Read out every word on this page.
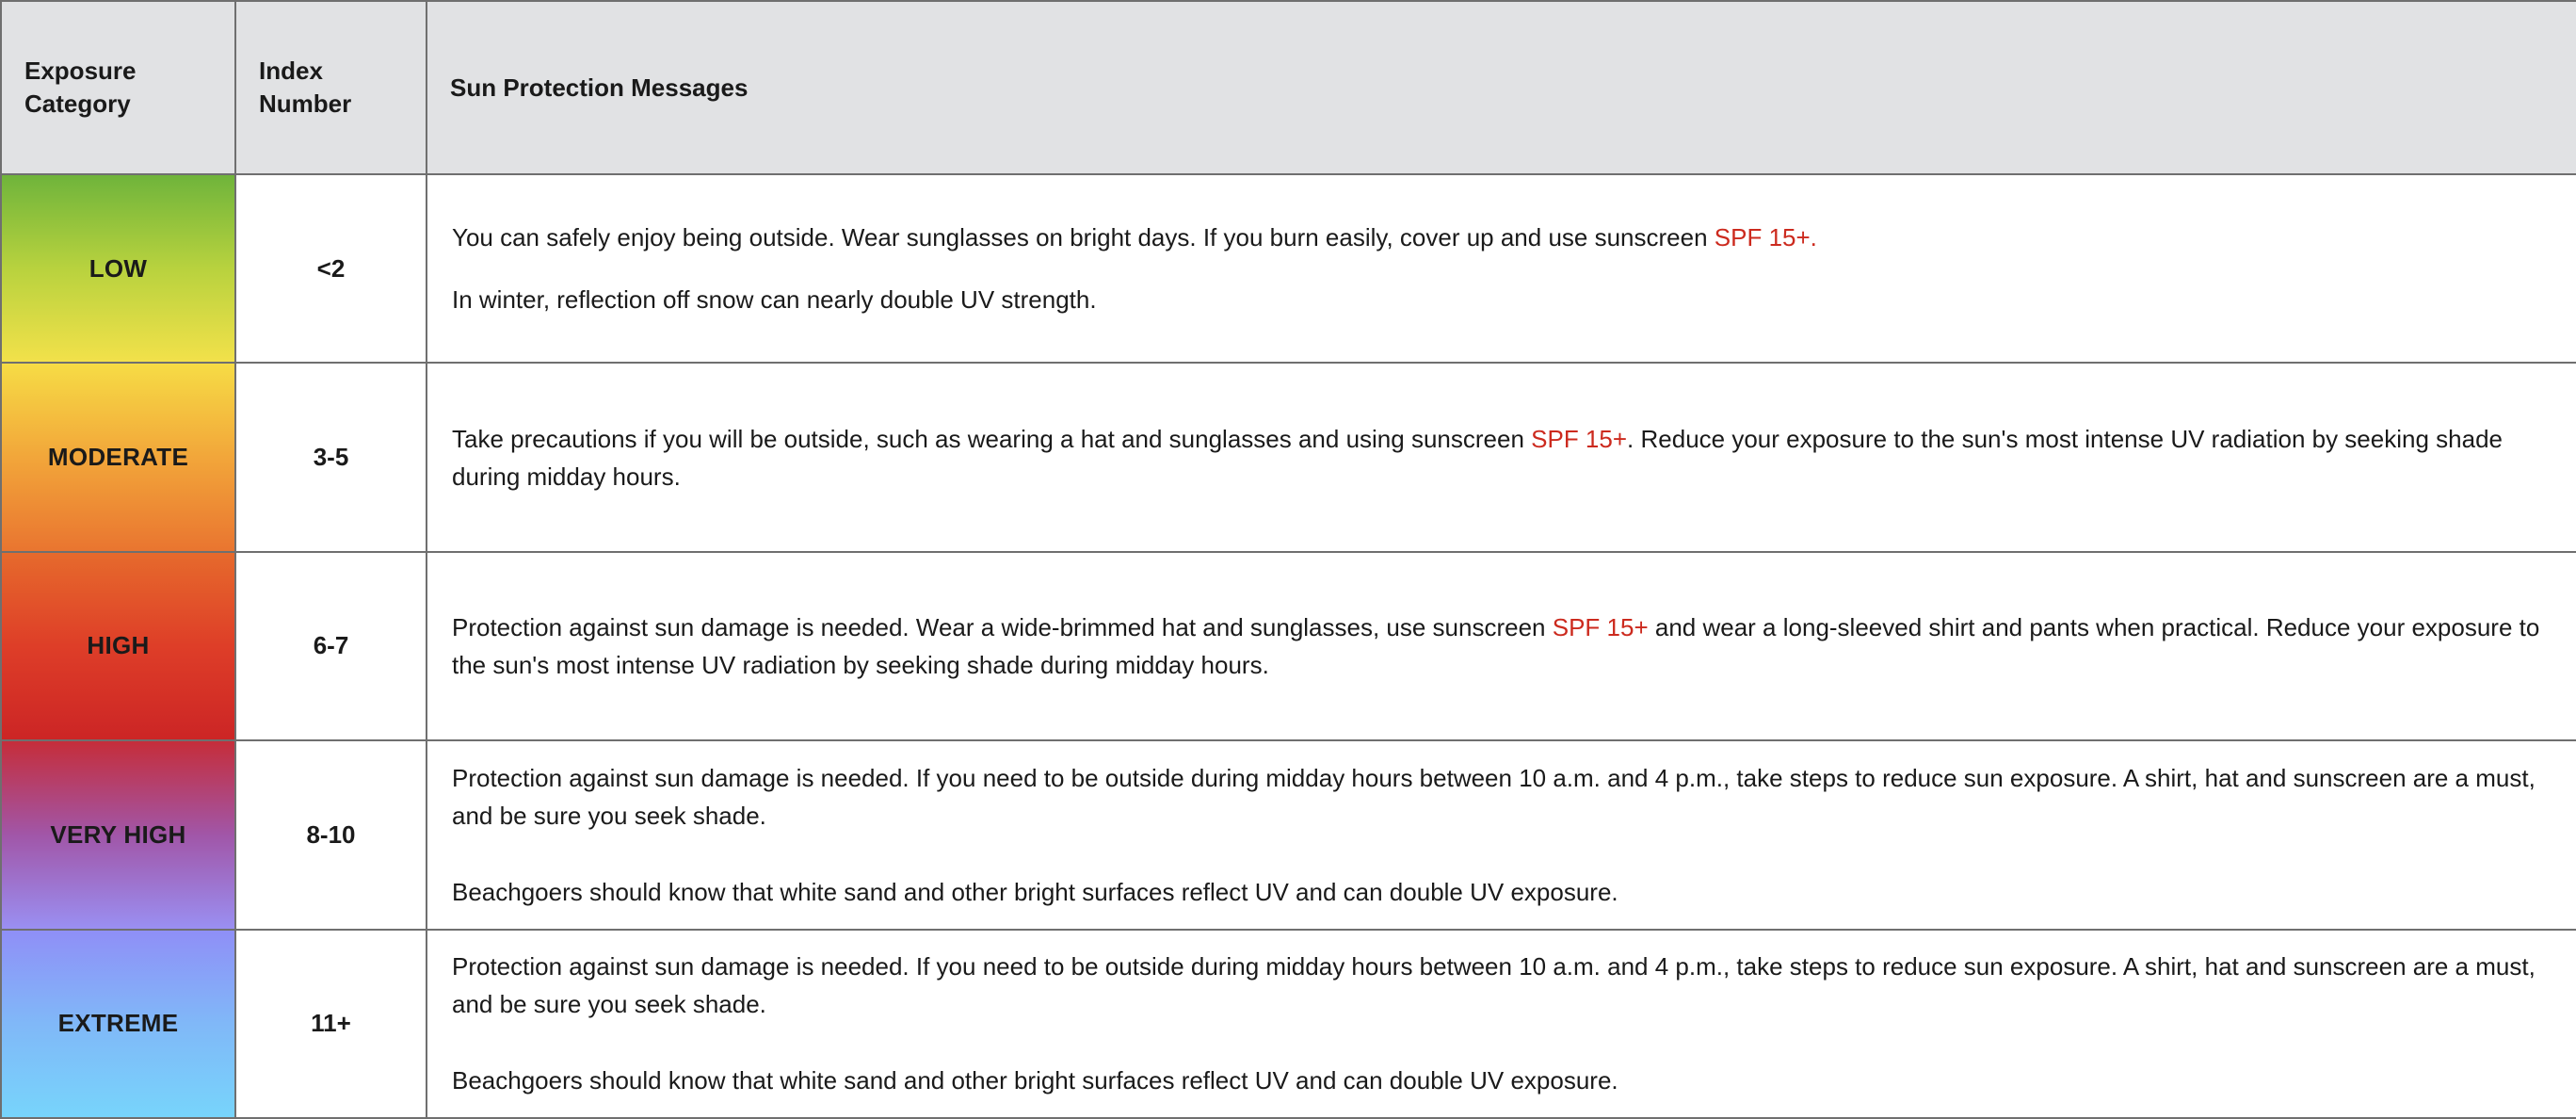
Exposure Category	Index Number	Sun Protection Messages
LOW	<2	You can safely enjoy being outside. Wear sunglasses on bright days. If you burn easily, cover up and use sunscreen SPF 15+.

In winter, reflection off snow can nearly double UV strength.

MODERATE	3-5	Take precautions if you will be outside, such as wearing a hat and sunglasses and using sunscreen SPF 15+. Reduce your exposure to the sun's most intense UV radiation by seeking shade during midday hours.

HIGH	6-7	Protection against sun damage is needed. Wear a wide-brimmed hat and sunglasses, use sunscreen SPF 15+ and wear a long-sleeved shirt and pants when practical. Reduce your exposure to the sun's most intense UV radiation by seeking shade during midday hours.

VERY HIGH	8-10	Protection against sun damage is needed. If you need to be outside during midday hours between 10 a.m. and 4 p.m., take steps to reduce sun exposure. A shirt, hat and sunscreen are a must, and be sure you seek shade.

Beachgoers should know that white sand and other bright surfaces reflect UV and can double UV exposure.

EXTREME	11+	Protection against sun damage is needed. If you need to be outside during midday hours between 10 a.m. and 4 p.m., take steps to reduce sun exposure. A shirt, hat and sunscreen are a must, and be sure you seek shade.

Beachgoers should know that white sand and other bright surfaces reflect UV and can double UV exposure.
